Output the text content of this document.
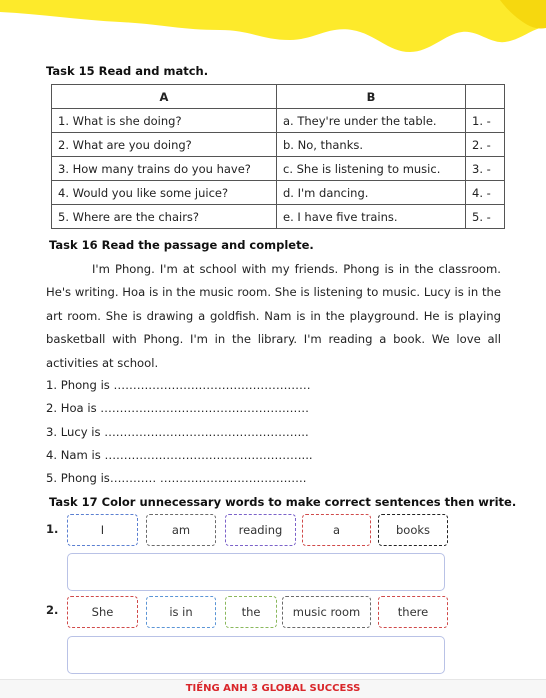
Task 15 Read and match.
A	B	
1. What is she doing?	a. They're under the table.	1. -
2. What are you doing?	b. No, thanks.	2. -
3. How many trains do you have?	c. She is listening to music.	3. -
4. Would you like some juice?	d. I'm dancing.	4. -
5. Where are the chairs?	e. I have five trains.	5. -
Task 16 Read the passage and complete.

I'm Phong. I'm at school with my friends. Phong is in the classroom. He's writing. Hoa is in the music room. She is listening to music. Lucy is in the art room. She is drawing a goldfish. Nam is in the playground. He is playing basketball with Phong. I'm in the library. I'm reading a book. We love all activities at school.

1. Phong is ……………………………………………
2. Hoa is ………………………………………………
3. Lucy is ……………………………………………..
4. Nam is ……………………………………………...
5. Phong is………… ………………………………..
Task 17 Color unnecessary words to make correct sentences then write.
1.	I	am	reading	a	books
2.	She	is in	the	music room	there
TIẾNG ANH 3 GLOBAL SUCCESS
